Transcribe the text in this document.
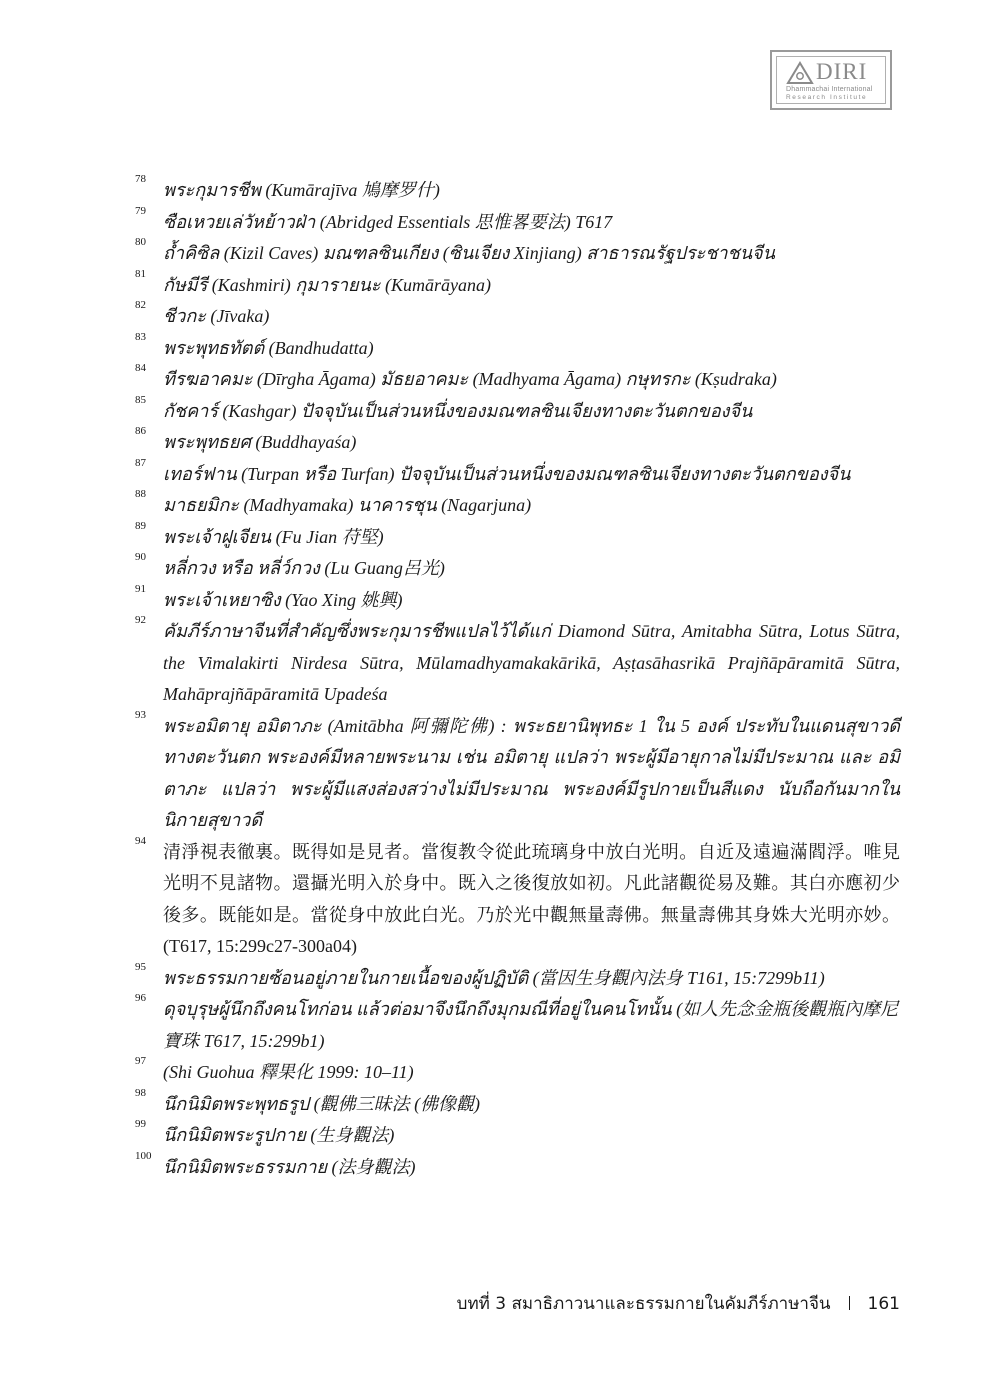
DIRI
Dhammachai International
Research Institute
78
พระกุมารชีพ (Kumārajīva 鳩摩罗什)
79
ซือเหวยเล่วัหย้าวฝ่า (Abridged Essentials 思惟畧要法) T617
80
ถ้ำคิซิล (Kizil Caves) มณฑลซินเกียง (ซินเจียง Xinjiang) สาธารณรัฐประชาชนจีน
81
กัษมีรี (Kashmiri) กุมารายนะ (Kumārāyana)
82
ชีวกะ (Jīvaka)
83
พระพุทธทัตต์ (Bandhudatta)
84
ทีรฆอาคมะ (Dīrgha Āgama) มัธยอาคมะ (Madhyama Āgama) กษุทรกะ (Kṣudraka)
85
กัชคาร์ (Kashgar) ปัจจุบันเป็นส่วนหนึ่งของมณฑลซินเจียงทางตะวันตกของจีน
86
พระพุทธยศ (Buddhayaśa)
87
เทอร์ฟาน (Turpan หรือ Turfan) ปัจจุบันเป็นส่วนหนึ่งของมณฑลซินเจียงทางตะวันตกของจีน
88
มาธยมิกะ (Madhyamaka) นาคารชุน (Nagarjuna)
89
พระเจ้าฝูเจียน (Fu Jian 苻堅)
90
หลี่กวง หรือ หลี่ว์กวง (Lu Guang呂光)
91
พระเจ้าเหยาซิง (Yao Xing 姚興)
92
คัมภีร์ภาษาจีนที่สำคัญซึ่งพระกุมารชีพแปลไว้ได้แก่ Diamond Sūtra, Amitabha Sūtra, Lotus Sūtra, the Vimalakirti Nirdesa Sūtra, Mūlamadhyamakakārikā, Aṣṭasāhasrikā Prajñāpāramitā Sūtra, Mahāprajñāpāramitā Upadeśa
93
พระอมิตายุ อมิตาภะ (Amitābha 阿彌陀佛) : พระธยานิพุทธะ 1 ใน 5 องค์ ประทับในแดนสุขาวดีทางตะวันตก พระองค์มีหลายพระนาม เช่น อมิตายุ แปลว่า พระผู้มีอายุกาลไม่มีประมาณ และ อมิตาภะ แปลว่า พระผู้มีแสงส่องสว่างไม่มีประมาณ พระองค์มีรูปกายเป็นสีแดง นับถือกันมากในนิกายสุขาวดี
94
清淨視表徹裏。既得如是見者。當復教令從此琉璃身中放白光明。自近及遠遍滿閻浮。唯見光明不見諸物。還攝光明入於身中。既入之後復放如初。凡此諸觀從易及難。其白亦應初少 後多。既能如是。當從身中放此白光。乃於光中觀無量壽佛。無量壽佛其身姝大光明亦妙。(T617, 15:299c27-300a04)
95
พระธรรมกายซ้อนอยู่ภายในกายเนื้อของผู้ปฏิบัติ (當因生身觀內法身 T161, 15:7299b11)
96
ดุจบุรุษผู้นึกถึงคนโทก่อน แล้วต่อมาจึงนึกถึงมุกมณีที่อยู่ในคนโทนั้น (如人先念金瓶後觀瓶內摩尼寶珠 T617, 15:299b1)
97
(Shi Guohua 釋果化 1999: 10–11)
98
นึกนิมิตพระพุทธรูป (觀佛三昧法 (佛像觀)
99
นึกนิมิตพระรูปกาย (生身觀法)
100
นึกนิมิตพระธรรมกาย (法身觀法)
บทที่ 3 สมาธิภาวนาและธรรมกายในคัมภีร์ภาษาจีน 161
